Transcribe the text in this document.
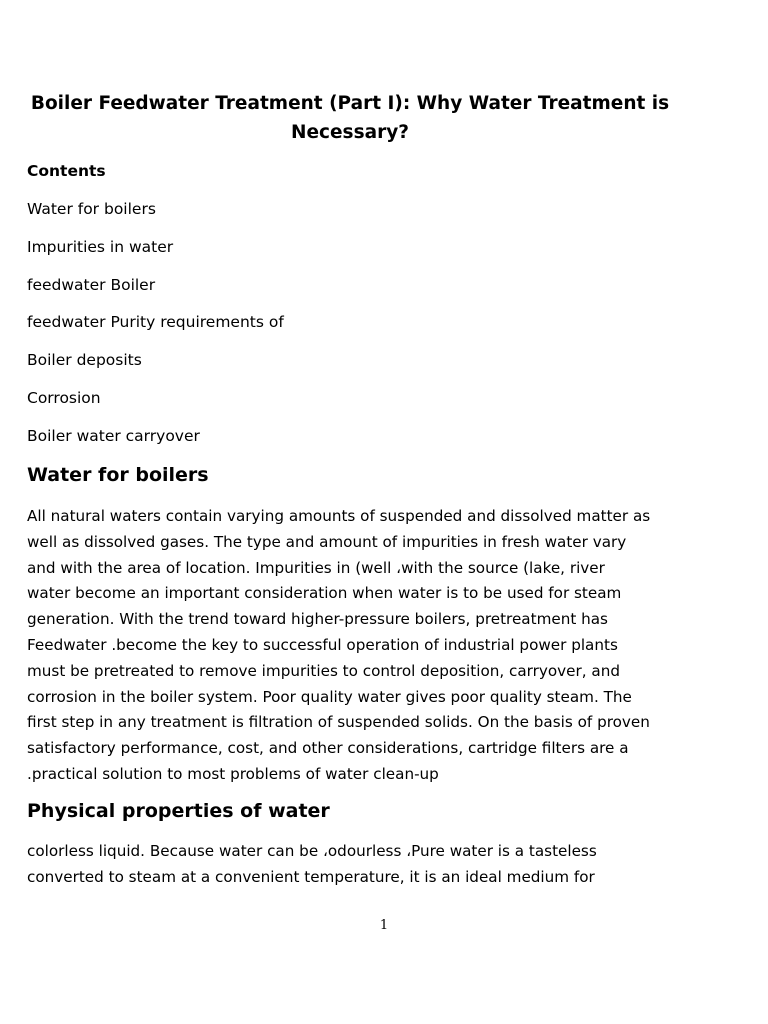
Boiler Feedwater Treatment (Part I): Why Water Treatment is
Necessary?

Contents

Water for boilers
Impurities in water
feedwater Boiler
feedwater Purity requirements of
Boiler deposits
Corrosion
Boiler water carryover
Water for boilers
All natural waters contain varying amounts of suspended and dissolved matter as
well as dissolved gases. The type and amount of impurities in fresh water vary
and with the area of location. Impurities in (well ،with the source (lake, river
water become an important consideration when water is to be used for steam
generation. With the trend toward higher-pressure boilers, pretreatment has
Feedwater .become the key to successful operation of industrial power plants
must be pretreated to remove impurities to control deposition, carryover, and
corrosion in the boiler system. Poor quality water gives poor quality steam. The
first step in any treatment is filtration of suspended solids. On the basis of proven
satisfactory performance, cost, and other considerations, cartridge filters are a
.practical solution to most problems of water clean-up
Physical properties of water
colorless liquid. Because water can be ،odourless ،Pure water is a tasteless
converted to steam at a convenient temperature, it is an ideal medium for

1
